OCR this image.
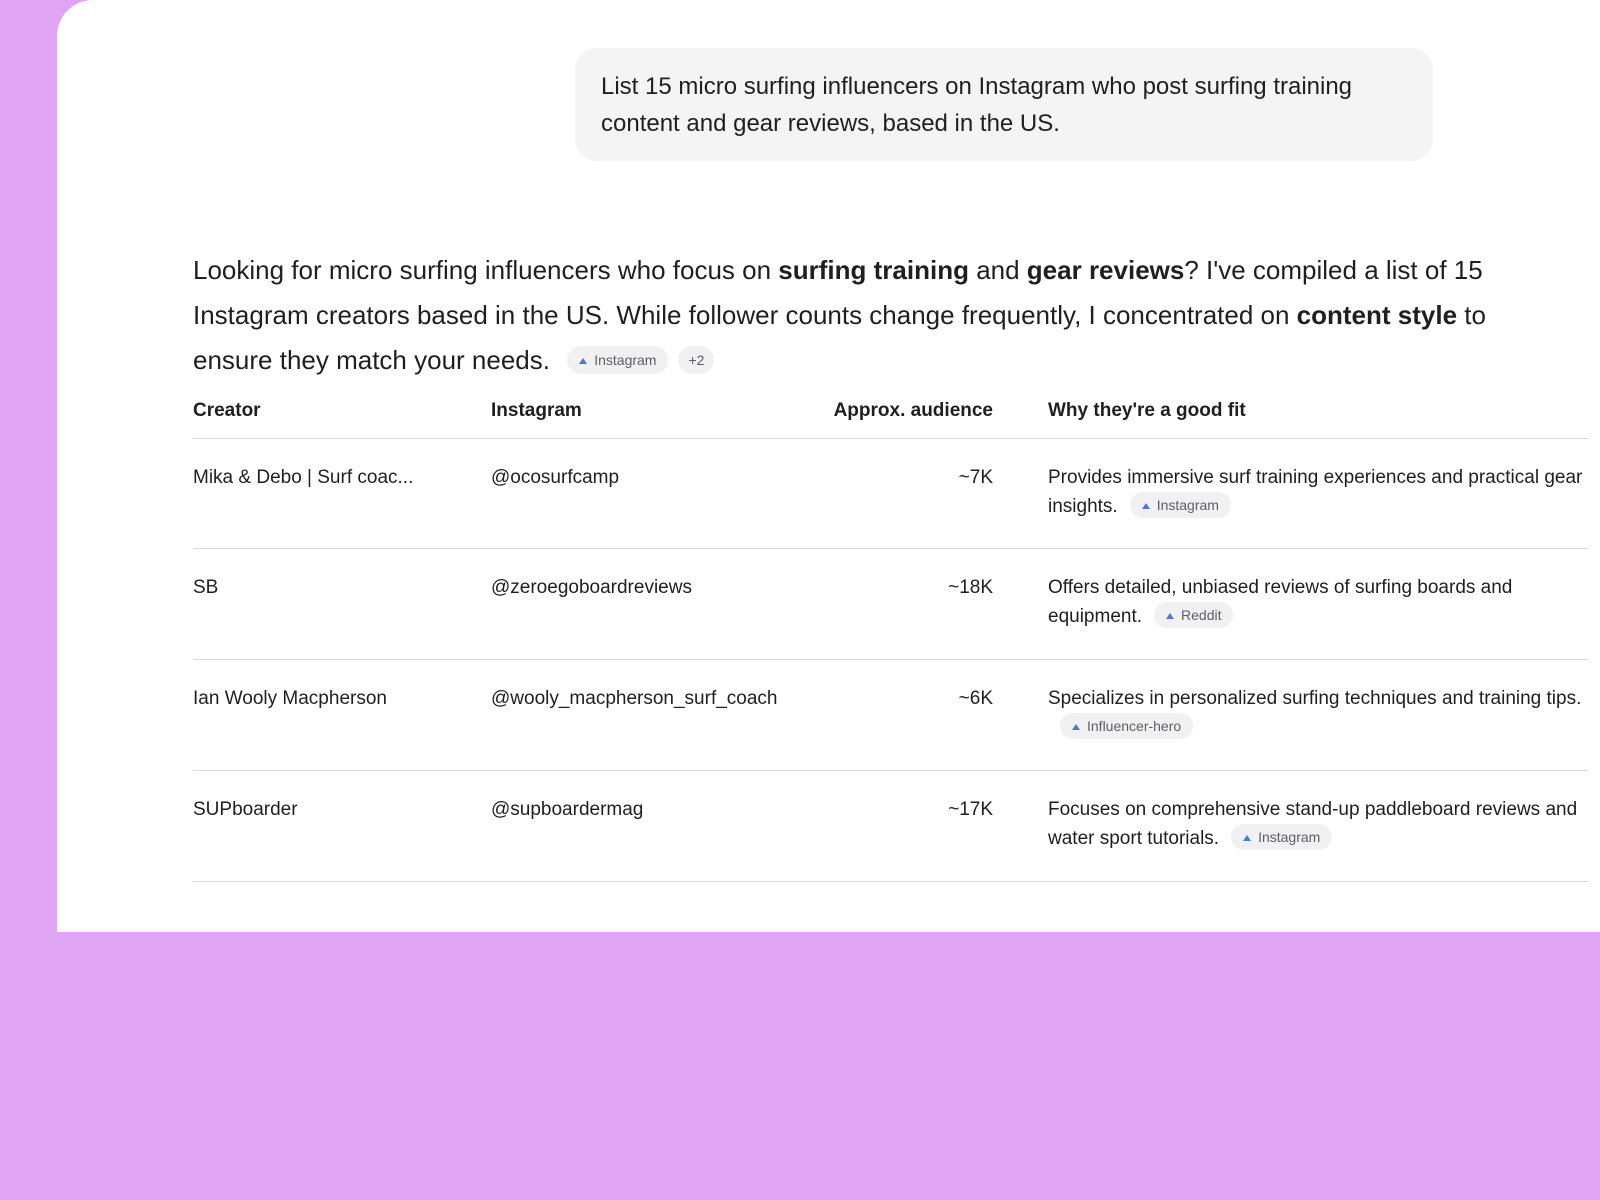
List 15 micro surfing influencers on Instagram who post surfing training content and gear reviews, based in the US.
Looking for micro surfing influencers who focus on surfing training and gear reviews? I've compiled a list of 15 Instagram creators based in the US. While follower counts change frequently, I concentrated on content style to ensure they match your needs.	Instagram +2
Creator	Instagram	Approx. audience	Why they're a good fit
Mika & Debo | Surf coac...	@ocosurfcamp	~7K	Provides immersive surf training experiences and practical gear insights. Instagram

SB	@zeroegoboardreviews	~18K	Offers detailed, unbiased reviews of surfing boards and equipment. Reddit

Ian Wooly Macpherson	@wooly_macpherson_surf_coach	~6K	Specializes in personalized surfing techniques and training tips.
Influencer-hero

SUPboarder	@supboardermag	~17K	Focuses on comprehensive stand-up paddleboard reviews and water sport tutorials. Instagram
